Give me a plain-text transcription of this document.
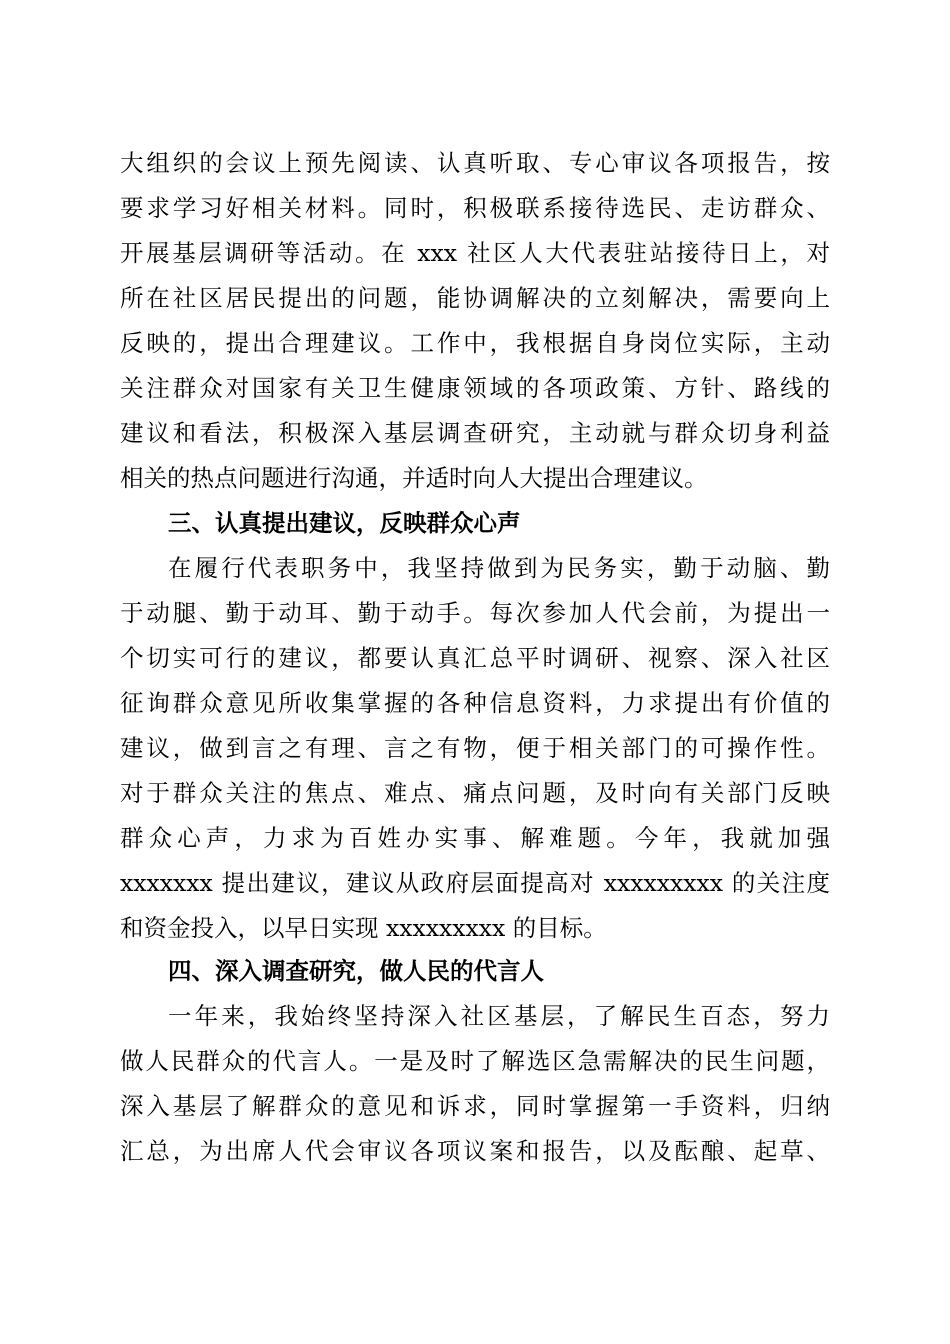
大组织的会议上预先阅读、认真听取、专心审议各项报告，按
要求学习好相关材料。同时，积极联系接待选民、走访群众、
开展基层调研等活动。在 xxx 社区人大代表驻站接待日上，对
所在社区居民提出的问题，能协调解决的立刻解决，需要向上
反映的，提出合理建议。工作中，我根据自身岗位实际，主动
关注群众对国家有关卫生健康领域的各项政策、方针、路线的
建议和看法，积极深入基层调查研究，主动就与群众切身利益
相关的热点问题进行沟通，并适时向人大提出合理建议。
三、认真提出建议，反映群众心声
在履行代表职务中，我坚持做到为民务实，勤于动脑、勤
于动腿、勤于动耳、勤于动手。每次参加人代会前，为提出一
个切实可行的建议，都要认真汇总平时调研、视察、深入社区
征询群众意见所收集掌握的各种信息资料，力求提出有价值的
建议，做到言之有理、言之有物，便于相关部门的可操作性。
对于群众关注的焦点、难点、痛点问题，及时向有关部门反映
群众心声，力求为百姓办实事、解难题。今年，我就加强
xxxxxxx 提出建议，建议从政府层面提高对 xxxxxxxxx 的关注度
和资金投入，以早日实现 xxxxxxxxx 的目标。
四、深入调查研究，做人民的代言人
一年来，我始终坚持深入社区基层，了解民生百态，努力
做人民群众的代言人。一是及时了解选区急需解决的民生问题，
深入基层了解群众的意见和诉求，同时掌握第一手资料，归纳
汇总，为出席人代会审议各项议案和报告，以及酝酿、起草、
